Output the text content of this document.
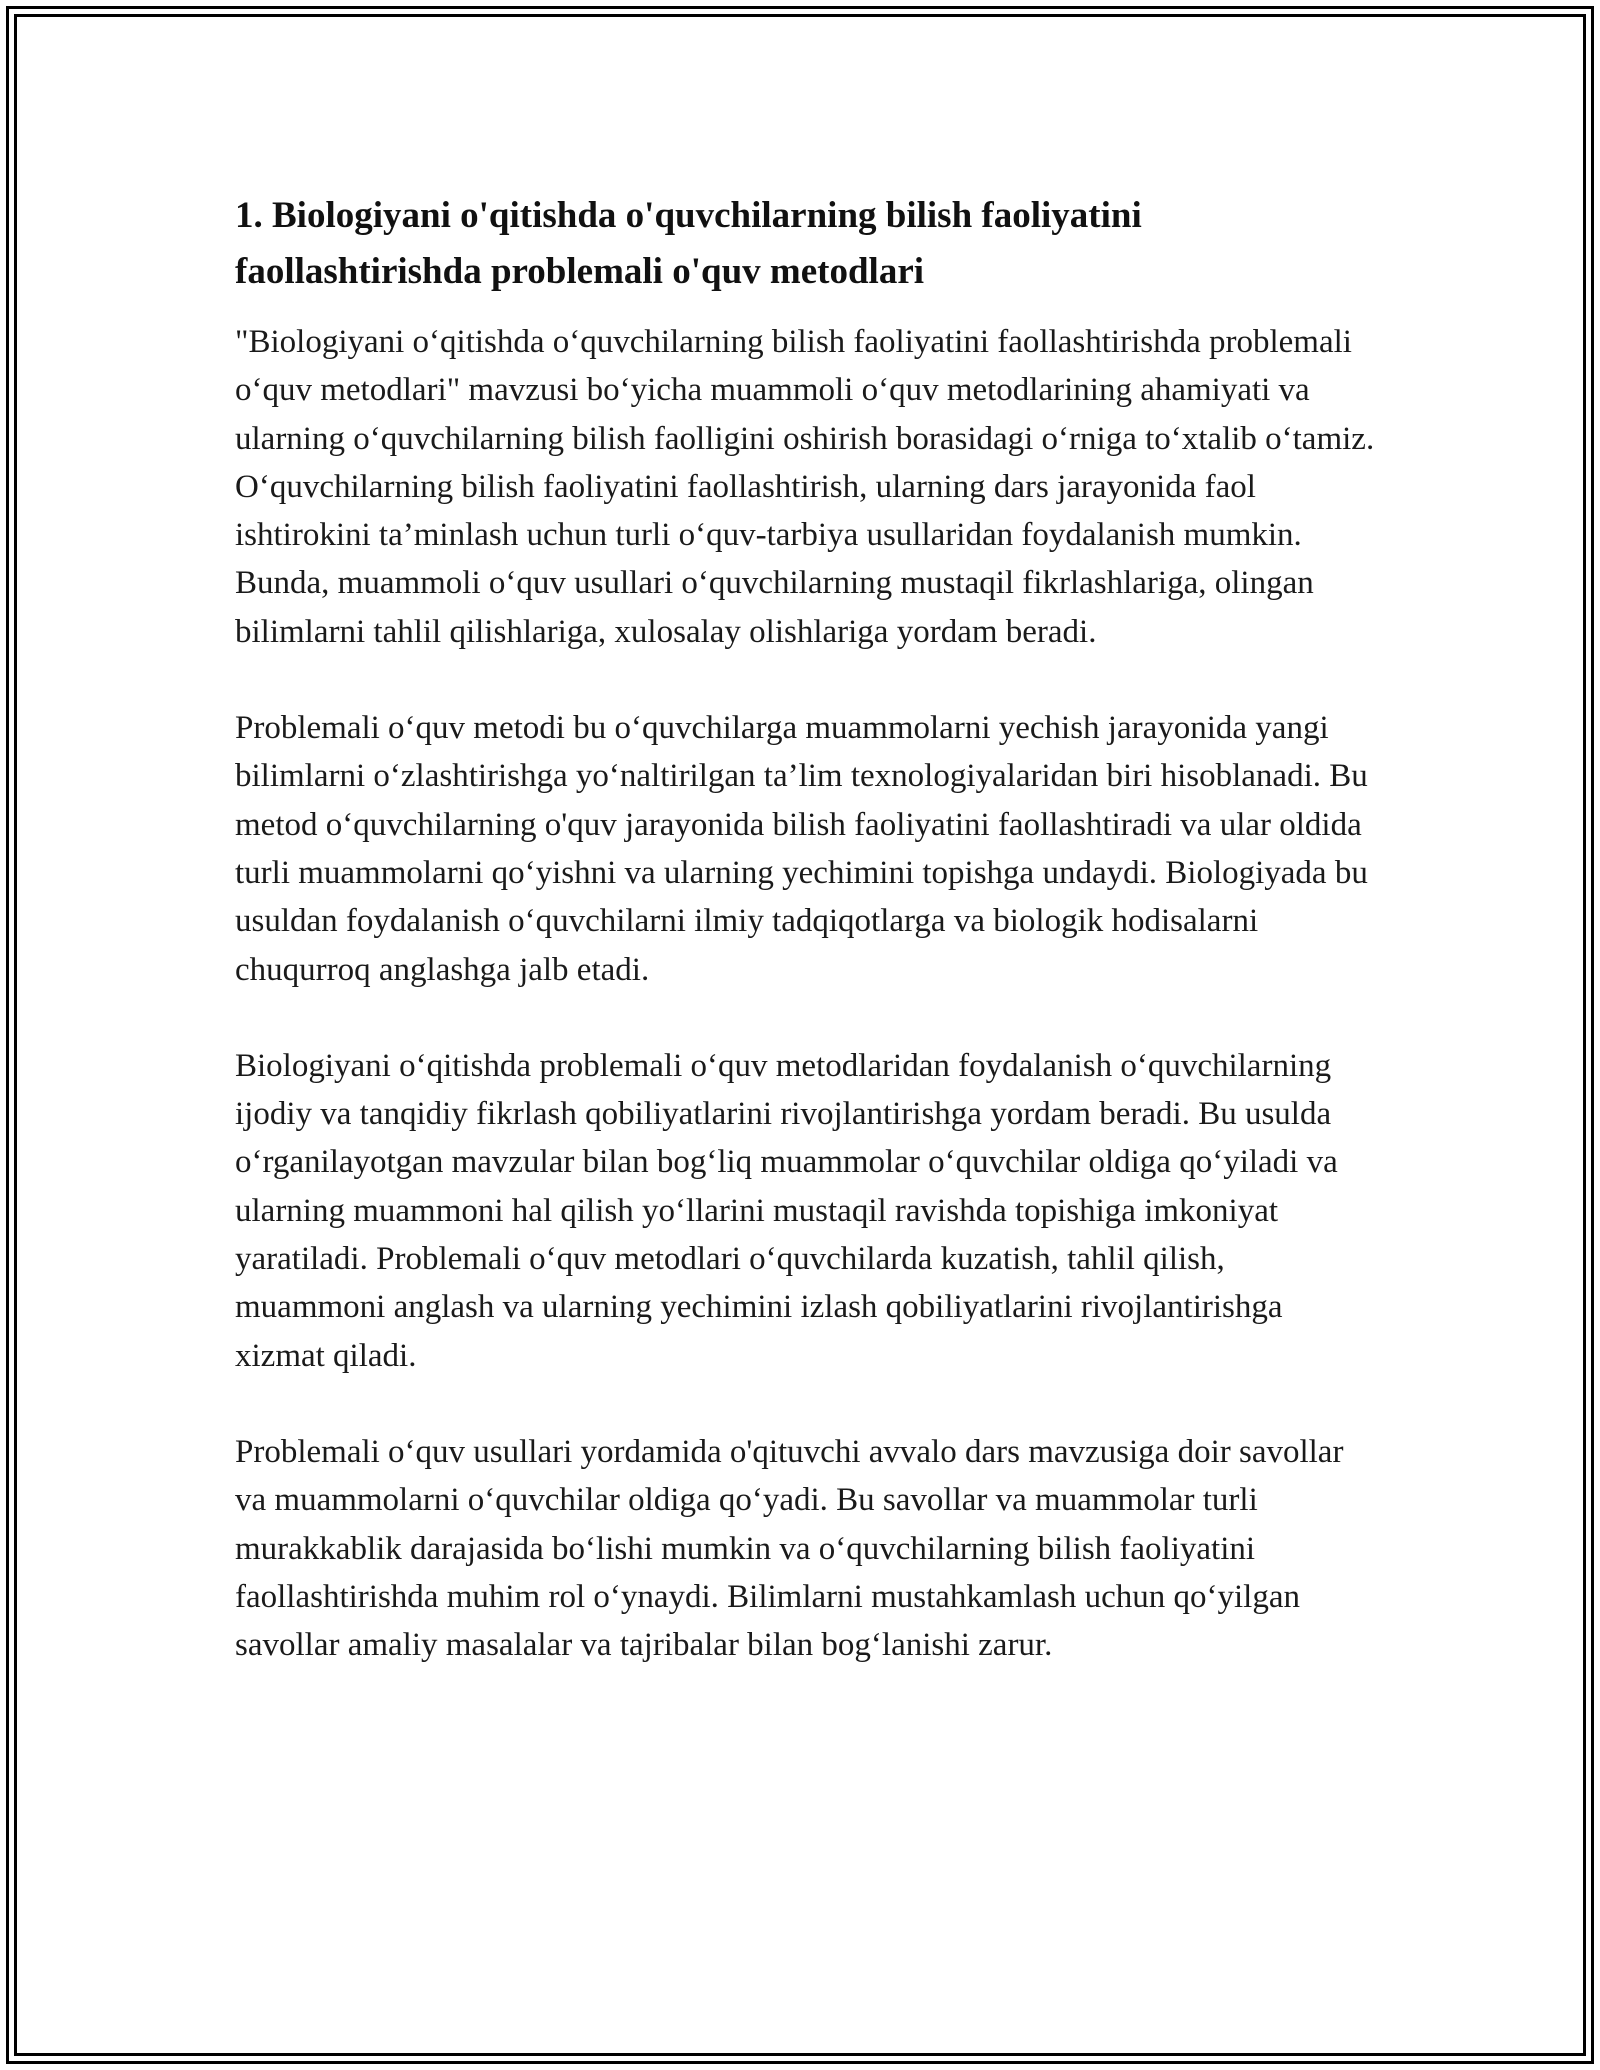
1. Biologiyani o'qitishda o'quvchilarning bilish faoliyatini faollashtirishda problemali o'quv metodlari

"Biologiyani o‘qitishda o‘quvchilarning bilish faoliyatini faollashtirishda problemali o‘quv metodlari" mavzusi bo‘yicha muammoli o‘quv metodlarining ahamiyati va ularning o‘quvchilarning bilish faolligini oshirish borasidagi o‘rniga to‘xtalib o‘tamiz. O‘quvchilarning bilish faoliyatini faollashtirish, ularning dars jarayonida faol ishtirokini ta’minlash uchun turli o‘quv-tarbiya usullaridan foydalanish mumkin. Bunda, muammoli o‘quv usullari o‘quvchilarning mustaqil fikrlashlariga, olingan bilimlarni tahlil qilishlariga, xulosalay olishlariga yordam beradi.

Problemali o‘quv metodi bu o‘quvchilarga muammolarni yechish jarayonida yangi bilimlarni o‘zlashtirishga yo‘naltirilgan ta’lim texnologiyalaridan biri hisoblanadi. Bu metod o‘quvchilarning o'quv jarayonida bilish faoliyatini faollashtiradi va ular oldida turli muammolarni qo‘yishni va ularning yechimini topishga undaydi. Biologiyada bu usuldan foydalanish o‘quvchilarni ilmiy tadqiqotlarga va biologik hodisalarni chuqurroq anglashga jalb etadi.

Biologiyani o‘qitishda problemali o‘quv metodlaridan foydalanish o‘quvchilarning ijodiy va tanqidiy fikrlash qobiliyatlarini rivojlantirishga yordam beradi. Bu usulda o‘rganilayotgan mavzular bilan bog‘liq muammolar o‘quvchilar oldiga qo‘yiladi va ularning muammoni hal qilish yo‘llarini mustaqil ravishda topishiga imkoniyat yaratiladi. Problemali o‘quv metodlari o‘quvchilarda kuzatish, tahlil qilish, muammoni anglash va ularning yechimini izlash qobiliyatlarini rivojlantirishga xizmat qiladi.

Problemali o‘quv usullari yordamida o'qituvchi avvalo dars mavzusiga doir savollar va muammolarni o‘quvchilar oldiga qo‘yadi. Bu savollar va muammolar turli murakkablik darajasida bo‘lishi mumkin va o‘quvchilarning bilish faoliyatini faollashtirishda muhim rol o‘ynaydi. Bilimlarni mustahkamlash uchun qo‘yilgan savollar amaliy masalalar va tajribalar bilan bog‘lanishi zarur.
